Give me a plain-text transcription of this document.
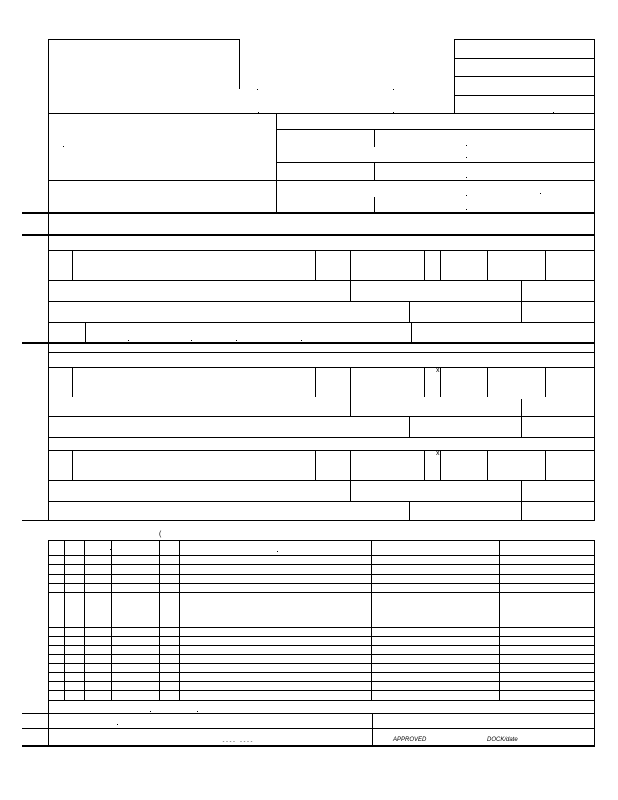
x
x
(
---- ----	APPROVED	DOCK/date
